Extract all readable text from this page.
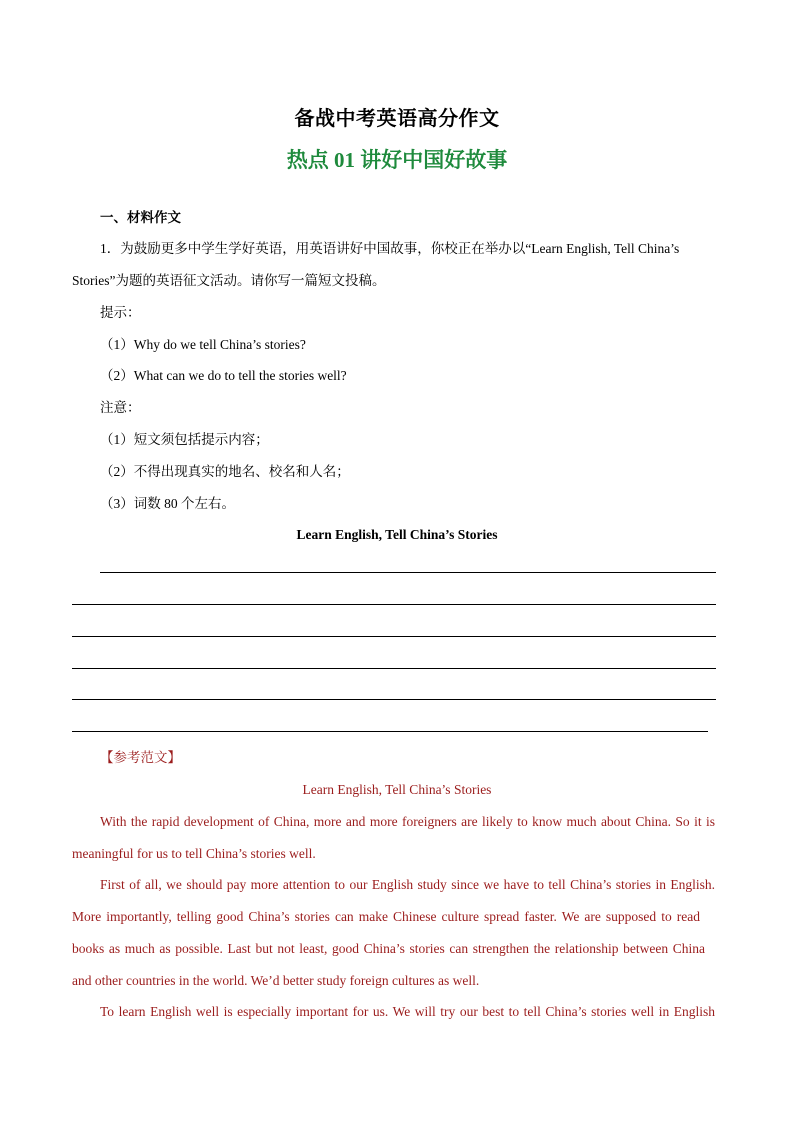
备战中考英语高分作文
热点 01 讲好中国好故事
一、材料作文
1．为鼓励更多中学生学好英语，用英语讲好中国故事，你校正在举办以“Learn English, Tell China’s
Stories”为题的英语征文活动。请你写一篇短文投稿。
提示：
（1）Why do we tell China’s stories?
（2）What can we do to tell the stories well?
注意：
（1）短文须包括提示内容；
（2）不得出现真实的地名、校名和人名；
（3）词数 80 个左右。
Learn English, Tell China’s Stories
【参考范文】
Learn English, Tell China’s Stories
With the rapid development of China, more and more foreigners are likely to know much about China. So it is
meaningful for us to tell China’s stories well.
First of all, we should pay more attention to our English study since we have to tell China’s stories in English.
More importantly, telling good China’s stories can make Chinese culture spread faster. We are supposed to read
books as much as possible. Last but not least, good China’s stories can strengthen the relationship between China
and other countries in the world. We’d better study foreign cultures as well.
To learn English well is especially important for us. We will try our best to tell China’s stories well in English
